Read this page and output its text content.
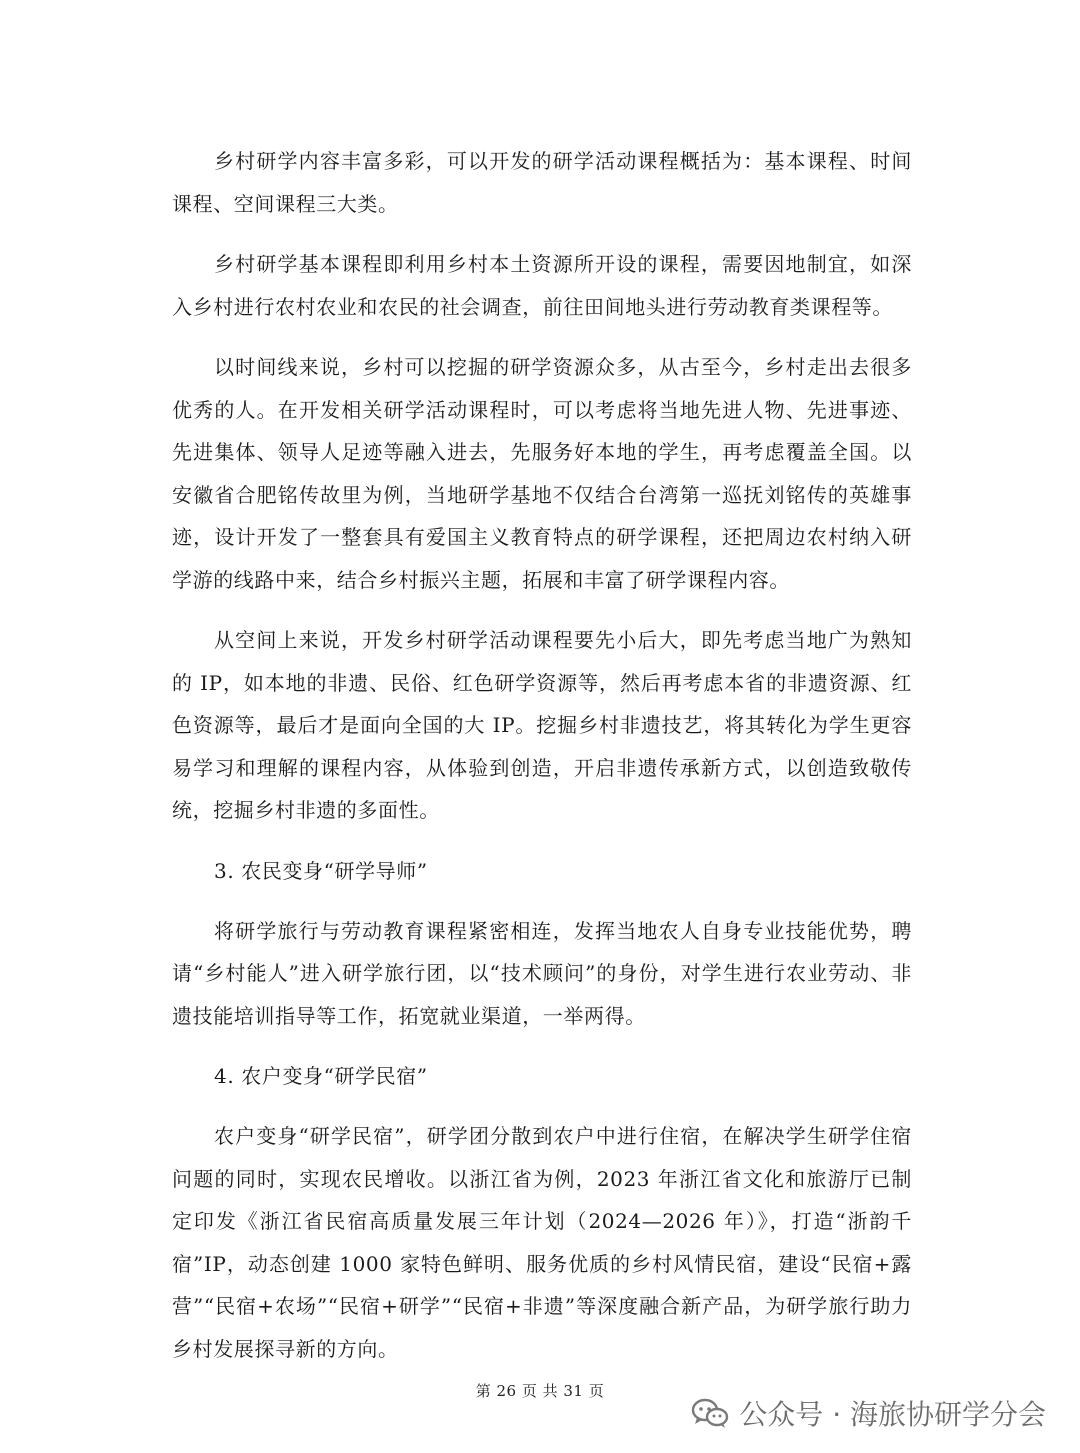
乡村研学内容丰富多彩，可以开发的研学活动课程概括为：基本课程、时间课程、空间课程三大类。

乡村研学基本课程即利用乡村本土资源所开设的课程，需要因地制宜，如深入乡村进行农村农业和农民的社会调查，前往田间地头进行劳动教育类课程等。

以时间线来说，乡村可以挖掘的研学资源众多，从古至今，乡村走出去很多优秀的人。在开发相关研学活动课程时，可以考虑将当地先进人物、先进事迹、先进集体、领导人足迹等融入进去，先服务好本地的学生，再考虑覆盖全国。以安徽省合肥铭传故里为例，当地研学基地不仅结合台湾第一巡抚刘铭传的英雄事迹，设计开发了一整套具有爱国主义教育特点的研学课程，还把周边农村纳入研学游的线路中来，结合乡村振兴主题，拓展和丰富了研学课程内容。

从空间上来说，开发乡村研学活动课程要先小后大，即先考虑当地广为熟知的 IP，如本地的非遗、民俗、红色研学资源等，然后再考虑本省的非遗资源、红色资源等，最后才是面向全国的大 IP。挖掘乡村非遗技艺，将其转化为学生更容易学习和理解的课程内容，从体验到创造，开启非遗传承新方式，以创造致敬传统，挖掘乡村非遗的多面性。

3. 农民变身“研学导师”

将研学旅行与劳动教育课程紧密相连，发挥当地农人自身专业技能优势，聘请“乡村能人”进入研学旅行团，以“技术顾问”的身份，对学生进行农业劳动、非遗技能培训指导等工作，拓宽就业渠道，一举两得。

4. 农户变身“研学民宿”

农户变身“研学民宿”，研学团分散到农户中进行住宿，在解决学生研学住宿问题的同时，实现农民增收。以浙江省为例，2023 年浙江省文化和旅游厅已制定印发《浙江省民宿高质量发展三年计划（2024—2026 年）》，打造“浙韵千宿”IP，动态创建 1000 家特色鲜明、服务优质的乡村风情民宿，建设“民宿+露营”“民宿+农场”“民宿+研学”“民宿+非遗”等深度融合新产品，为研学旅行助力乡村发展探寻新的方向。

第 26 页 共 31 页
公众号 · 海旅协研学分会
